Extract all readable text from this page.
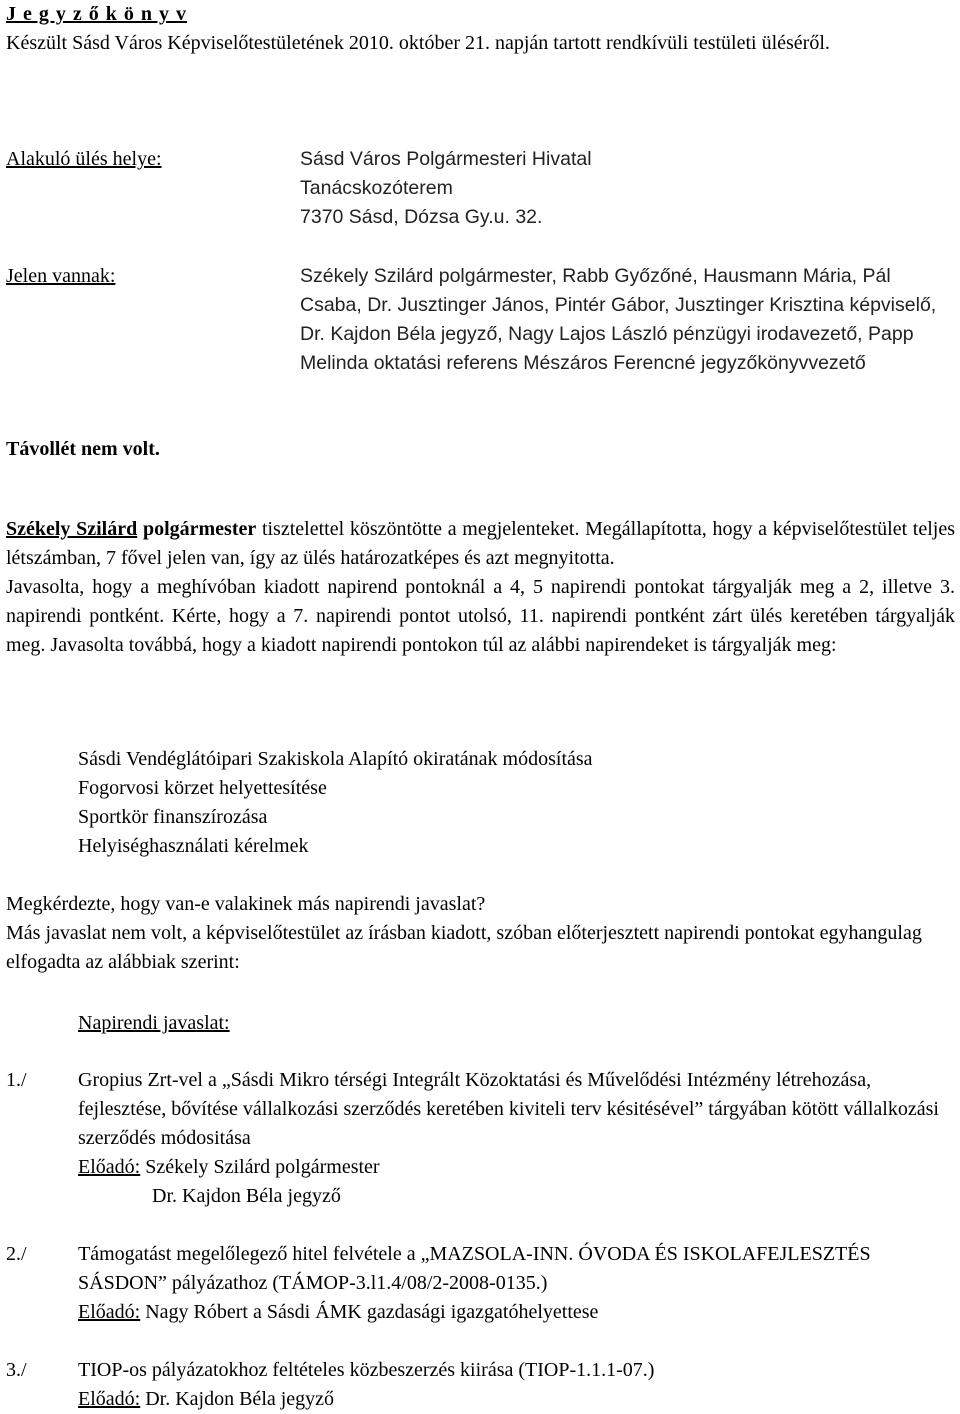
J e g y z ő k ö n y v
Készült Sásd Város Képviselőtestületének 2010. október 21. napján tartott rendkívüli testületi üléséről.
Alakuló ülés helye:	Sásd Város Polgármesteri Hivatal
Tanácskozóterem
7370 Sásd, Dózsa Gy.u. 32.
Jelen vannak:	Székely Szilárd polgármester, Rabb Győzőné, Hausmann Mária, Pál Csaba, Dr. Jusztinger János, Pintér Gábor, Jusztinger Krisztina képviselő, Dr. Kajdon Béla jegyző, Nagy Lajos László pénzügyi irodavezető, Papp Melinda oktatási referens Mészáros Ferencné jegyzőkönyvvezető
Távollét nem volt.

Székely Szilárd polgármester tisztelettel köszöntötte a megjelenteket. Megállapította, hogy a képviselőtestület teljes létszámban, 7 fővel jelen van, így az ülés határozatképes és azt megnyitotta.

Javasolta, hogy a meghívóban kiadott napirend pontoknál a 4, 5 napirendi pontokat tárgyalják meg a 2, illetve 3. napirendi pontként. Kérte, hogy a 7. napirendi pontot utolsó, 11. napirendi pontként zárt ülés keretében tárgyalják meg. Javasolta továbbá, hogy a kiadott napirendi pontokon túl az alábbi napirendeket is tárgyalják meg:

Sásdi Vendéglátóipari Szakiskola Alapító okiratának módosítása
Fogorvosi körzet helyettesítése
Sportkör finanszírozása
Helyiséghasználati kérelmek

Megkérdezte, hogy van-e valakinek más napirendi javaslat?

Más javaslat nem volt, a képviselőtestület az írásban kiadott, szóban előterjesztett napirendi pontokat egyhangulag elfogadta az alábbiak szerint:

Napirendi javaslat:
1./	Gropius Zrt-vel a „Sásdi Mikro térségi Integrált Közoktatási és Művelődési Intézmény létrehozása, fejlesztése, bővítése vállalkozási szerződés keretében kiviteli terv késitésével” tárgyában kötött vállalkozási szerződés módositása
Előadó: Székely Szilárd polgármester
Dr. Kajdon Béla jegyző
2./	Támogatást megelőlegező hitel felvétele a „MAZSOLA-INN. ÓVODA ÉS ISKOLAFEJLESZTÉS SÁSDON” pályázathoz (TÁMOP-3.l1.4/08/2-2008-0135.)
Előadó: Nagy Róbert a Sásdi ÁMK gazdasági igazgatóhelyettese
3./	TIOP-os pályázatokhoz feltételes közbeszerzés kiirása (TIOP-1.1.1-07.)
Előadó: Dr. Kajdon Béla jegyző
